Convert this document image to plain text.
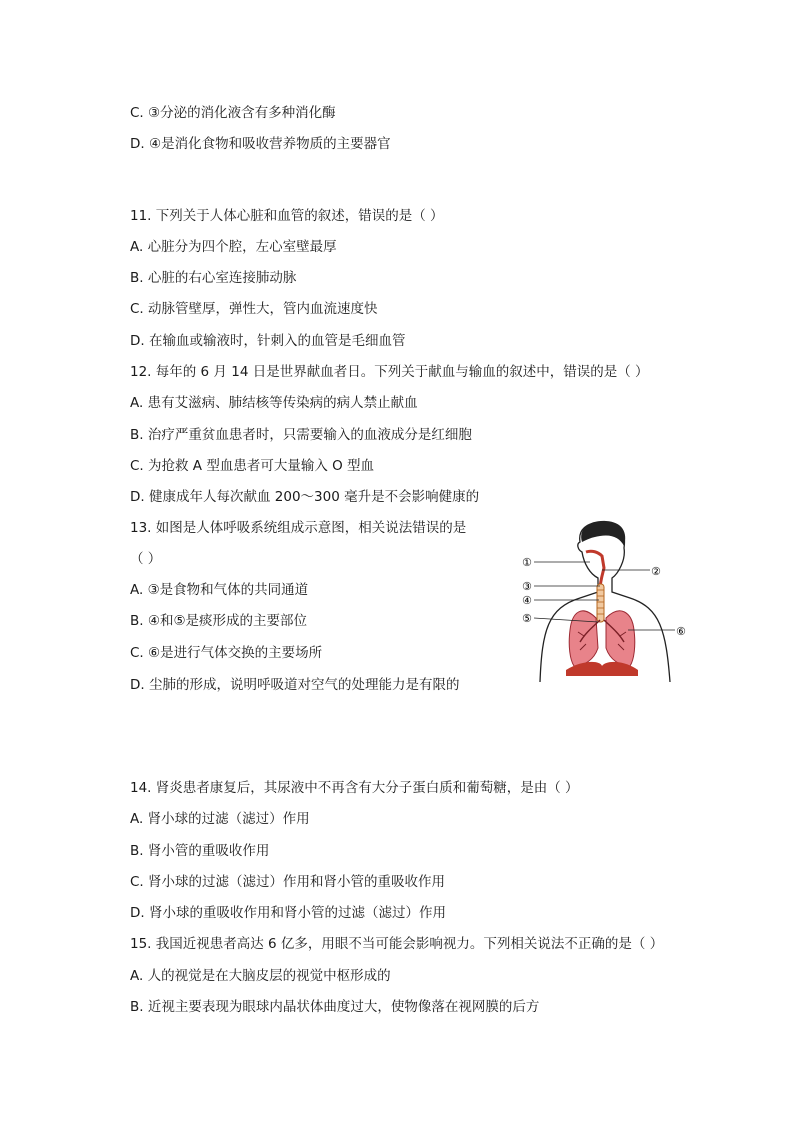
C. ③分泌的消化液含有多种消化酶
D. ④是消化食物和吸收营养物质的主要器官
11. 下列关于人体心脏和血管的叙述，错误的是（ ）
A. 心脏分为四个腔，左心室壁最厚
B. 心脏的右心室连接肺动脉
C. 动脉管壁厚，弹性大，管内血流速度快
D. 在输血或输液时，针刺入的血管是毛细血管
12. 每年的 6 月 14 日是世界献血者日。下列关于献血与输血的叙述中，错误的是（ ）
A. 患有艾滋病、肺结核等传染病的病人禁止献血
B. 治疗严重贫血患者时，只需要输入的血液成分是红细胞
C. 为抢救 A 型血患者可大量输入 O 型血
D. 健康成年人每次献血 200～300 毫升是不会影响健康的
13. 如图是人体呼吸系统组成示意图，相关说法错误的是
（ ）
A. ③是食物和气体的共同通道
B. ④和⑤是痰形成的主要部位
C. ⑥是进行气体交换的主要场所
D. 尘肺的形成，说明呼吸道对空气的处理能力是有限的
①
②
③
④
⑤
⑥
14. 肾炎患者康复后，其尿液中不再含有大分子蛋白质和葡萄糖，是由（ ）
A. 肾小球的过滤（滤过）作用
B. 肾小管的重吸收作用
C. 肾小球的过滤（滤过）作用和肾小管的重吸收作用
D. 肾小球的重吸收作用和肾小管的过滤（滤过）作用
15. 我国近视患者高达 6 亿多，用眼不当可能会影响视力。下列相关说法不正确的是（ ）
A. 人的视觉是在大脑皮层的视觉中枢形成的
B. 近视主要表现为眼球内晶状体曲度过大，使物像落在视网膜的后方
